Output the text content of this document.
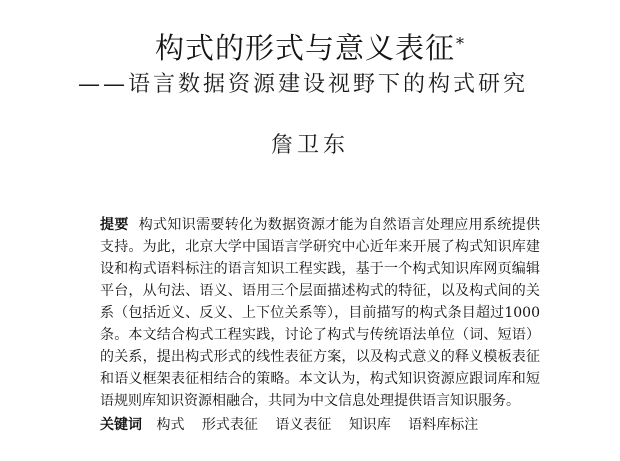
构式的形式与意义表征*
——语言数据资源建设视野下的构式研究
詹卫东
提要 构式知识需要转化为数据资源才能为自然语言处理应用系统提供
支持。为此，北京大学中国语言学研究中心近年来开展了构式知识库建
设和构式语料标注的语言知识工程实践，基于一个构式知识库网页编辑
平台，从句法、语义、语用三个层面描述构式的特征，以及构式间的关
系（包括近义、反义、上下位关系等），目前描写的构式条目超过1000
条。本文结合构式工程实践，讨论了构式与传统语法单位（词、短语）
的关系，提出构式形式的线性表征方案，以及构式意义的释义模板表征
和语义框架表征相结合的策略。本文认为，构式知识资源应跟词库和短
语规则库知识资源相融合，共同为中文信息处理提供语言知识服务。
关键词 构式 形式表征 语义表征 知识库 语料库标注
